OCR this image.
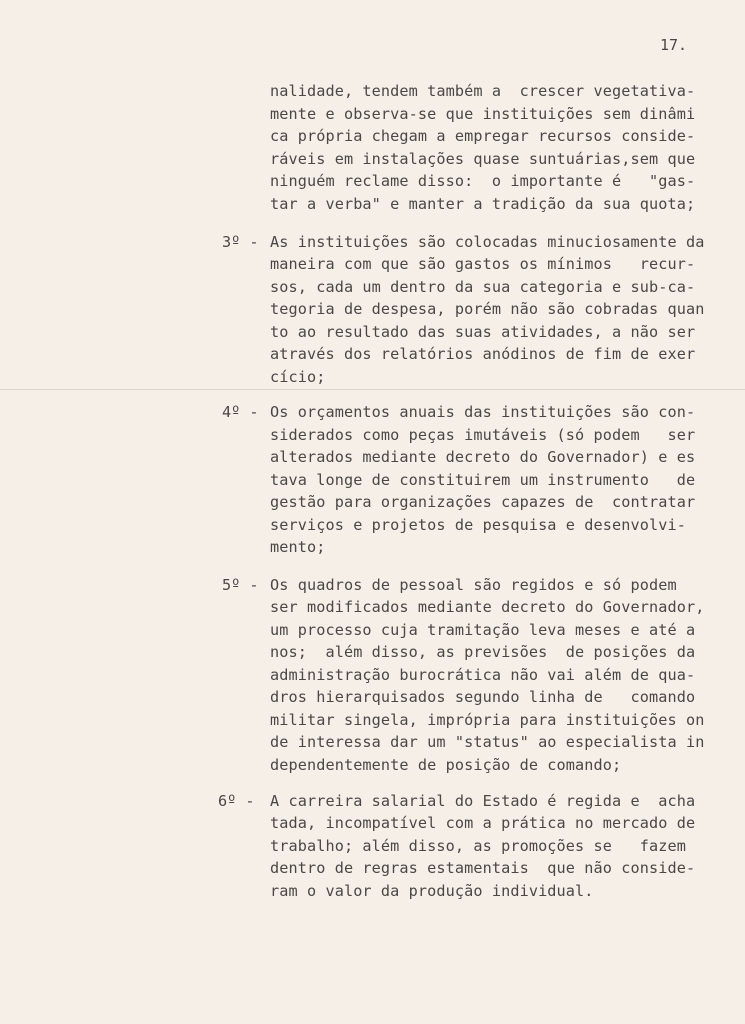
17.
nalidade, tendem também a  crescer vegetativa-
mente e observa-se que instituições sem dinâmi
ca própria chegam a empregar recursos conside-
ráveis em instalações quase suntuárias,sem que
ninguém reclame disso:  o importante é   "gas-
tar a verba" e manter a tradição da sua quota;
3º - As instituições são colocadas minuciosamente da
maneira com que são gastos os mínimos   recur-
sos, cada um dentro da sua categoria e sub-ca-
tegoria de despesa, porém não são cobradas quan
to ao resultado das suas atividades, a não ser
através dos relatórios anódinos de fim de exer
cício;
4º - Os orçamentos anuais das instituições são con-
siderados como peças imutáveis (só podem   ser
alterados mediante decreto do Governador) e es
tava longe de constituirem um instrumento   de
gestão para organizações capazes de  contratar
serviços e projetos de pesquisa e desenvolvi-
mento;
5º - Os quadros de pessoal são regidos e só podem
ser modificados mediante decreto do Governador,
um processo cuja tramitação leva meses e até a
nos;  além disso, as previsões  de posições da
administração burocrática não vai além de qua-
dros hierarquisados segundo linha de   comando
militar singela, imprópria para instituições on
de interessa dar um "status" ao especialista in
dependentemente de posição de comando;
6º - A carreira salarial do Estado é regida e  acha
tada, incompatível com a prática no mercado de
trabalho; além disso, as promoções se   fazem
dentro de regras estamentais  que não conside-
ram o valor da produção individual.
